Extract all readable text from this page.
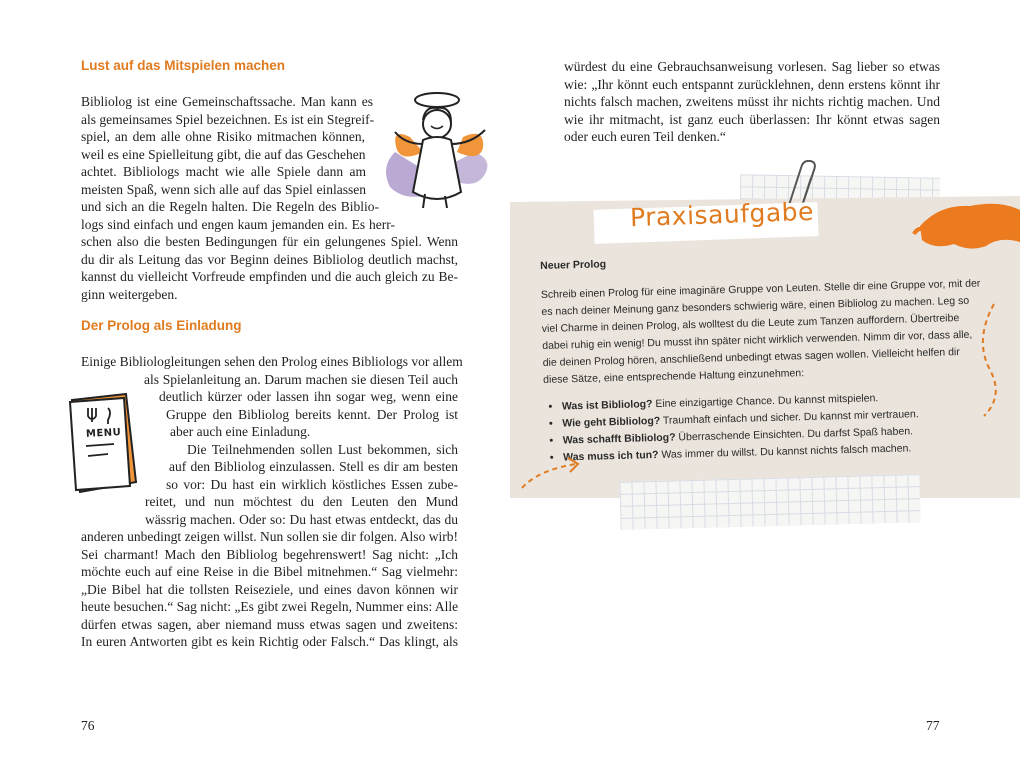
Lust auf das Mitspielen machen
Bibliolog ist eine Gemeinschaftssache. Man kann es
als gemeinsames Spiel bezeichnen. Es ist ein Stegreif-
spiel, an dem alle ohne Risiko mitmachen können,
weil es eine Spielleitung gibt, die auf das Geschehen
achtet. Bibliologs macht wie alle Spiele dann am
meisten Spaß, wenn sich alle auf das Spiel einlassen
und sich an die Regeln halten. Die Regeln des Biblio-
logs sind einfach und engen kaum jemanden ein. Es herr-
schen also die besten Bedingungen für ein gelungenes Spiel. Wenn
du dir als Leitung das vor Beginn deines Bibliolog deutlich machst,
kannst du vielleicht Vorfreude empfinden und die auch gleich zu Be-
ginn weitergeben.
Der Prolog als Einladung
Einige Bibliologleitungen sehen den Prolog eines Bibliologs vor allem
als Spielanleitung an. Darum machen sie diesen Teil auch
deutlich kürzer oder lassen ihn sogar weg, wenn eine
Gruppe den Bibliolog bereits kennt. Der Prolog ist
aber auch eine Einladung.
Die Teilnehmenden sollen Lust bekommen, sich
auf den Bibliolog einzulassen. Stell es dir am besten
so vor: Du hast ein wirklich köstliches Essen zube-
reitet, und nun möchtest du den Leuten den Mund
wässrig machen. Oder so: Du hast etwas entdeckt, das du
anderen unbedingt zeigen willst. Nun sollen sie dir folgen. Also wirb!
Sei charmant! Mach den Bibliolog begehrenswert! Sag nicht: „Ich
möchte euch auf eine Reise in die Bibel mitnehmen.“ Sag vielmehr:
„Die Bibel hat die tollsten Reiseziele, und eines davon können wir
heute besuchen.“ Sag nicht: „Es gibt zwei Regeln, Nummer eins: Alle
dürfen etwas sagen, aber niemand muss etwas sagen und zweitens:
In euren Antworten gibt es kein Richtig oder Falsch.“ Das klingt, als
MENU
76
würdest du eine Gebrauchsanweisung vorlesen. Sag lieber so etwas
wie: „Ihr könnt euch entspannt zurücklehnen, denn erstens könnt ihr
nichts falsch machen, zweitens müsst ihr nichts richtig machen. Und
wie ihr mitmacht, ist ganz euch überlassen: Ihr könnt etwas sagen
oder euch euren Teil denken.“
Praxisaufgabe
Neuer Prolog

Schreib einen Prolog für eine imaginäre Gruppe von Leuten. Stelle dir eine Gruppe vor, mit der es nach deiner Meinung ganz besonders schwierig wäre, einen Bibliolog zu machen. Leg so viel Charme in deinen Prolog, als wolltest du die Leute zum Tanzen auffordern. Übertreibe dabei ruhig ein wenig! Du musst ihn später nicht wirklich verwenden. Nimm dir vor, dass alle, die deinen Prolog hören, anschließend unbedingt etwas sagen wollen. Vielleicht helfen dir diese Sätze, eine entsprechende Haltung einzunehmen:

• Was ist Bibliolog? Eine einzigartige Chance. Du kannst mitspielen.
• Wie geht Bibliolog? Traumhaft einfach und sicher. Du kannst mir vertrauen.
• Was schafft Bibliolog? Überraschende Einsichten. Du darfst Spaß haben.
• Was muss ich tun? Was immer du willst. Du kannst nichts falsch machen.
77
